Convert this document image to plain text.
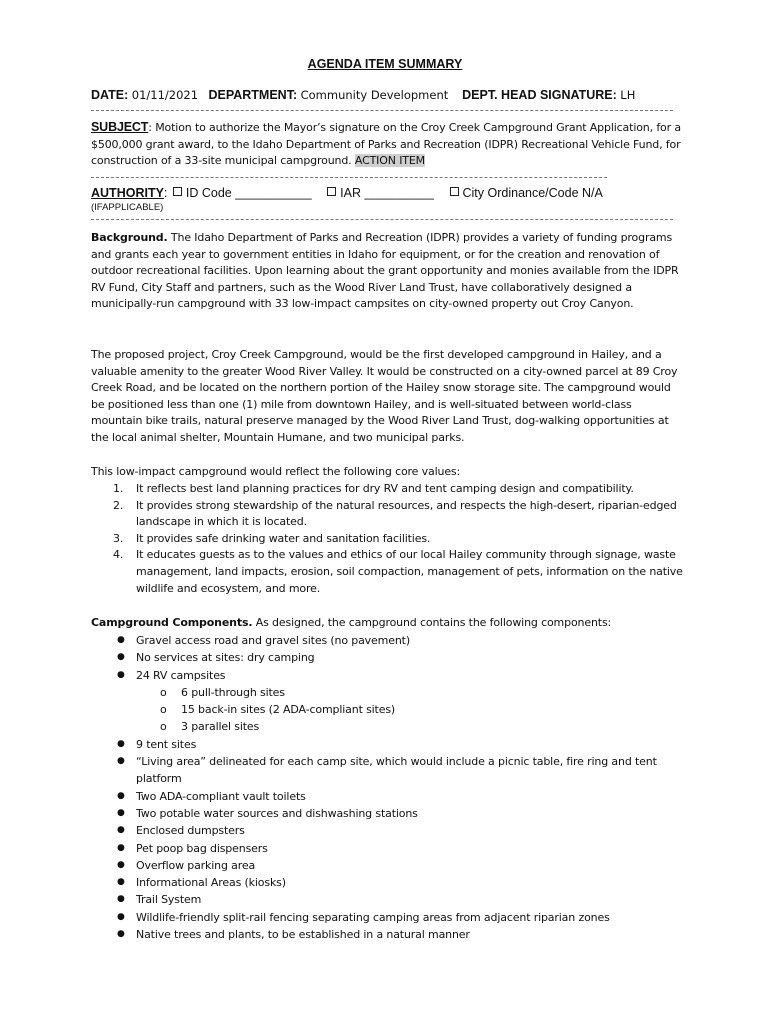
AGENDA ITEM SUMMARY
DATE: 01/11/2021 DEPARTMENT: Community Development DEPT. HEAD SIGNATURE: LH
SUBJECT: Motion to authorize the Mayor’s signature on the Croy Creek Campground Grant Application, for a $500,000 grant award, to the Idaho Department of Parks and Recreation (IDPR) Recreational Vehicle Fund, for construction of a 33-site municipal campground. ACTION ITEM
AUTHORITY: ID Code ___________ IAR __________ City Ordinance/Code N/A
(IFAPPLICABLE)

Background. The Idaho Department of Parks and Recreation (IDPR) provides a variety of funding programs and grants each year to government entities in Idaho for equipment, or for the creation and renovation of outdoor recreational facilities. Upon learning about the grant opportunity and monies available from the IDPR RV Fund, City Staff and partners, such as the Wood River Land Trust, have collaboratively designed a municipally-run campground with 33 low-impact campsites on city-owned property out Croy Canyon.

The proposed project, Croy Creek Campground, would be the first developed campground in Hailey, and a valuable amenity to the greater Wood River Valley. It would be constructed on a city-owned parcel at 89 Croy Creek Road, and be located on the northern portion of the Hailey snow storage site. The campground would be positioned less than one (1) mile from downtown Hailey, and is well-situated between world-class mountain bike trails, natural preserve managed by the Wood River Land Trust, dog-walking opportunities at the local animal shelter, Mountain Humane, and two municipal parks.

This low-impact campground would reflect the following core values:

1. It reflects best land planning practices for dry RV and tent camping design and compatibility.
2. It provides strong stewardship of the natural resources, and respects the high-desert, riparian-edged landscape in which it is located.
3. It provides safe drinking water and sanitation facilities.
4. It educates guests as to the values and ethics of our local Hailey community through signage, waste management, land impacts, erosion, soil compaction, management of pets, information on the native wildlife and ecosystem, and more.

Campground Components. As designed, the campground contains the following components:

● Gravel access road and gravel sites (no pavement)
● No services at sites: dry camping
● 24 RV campsites
o 6 pull-through sites
o 15 back-in sites (2 ADA-compliant sites)
o 3 parallel sites
● 9 tent sites
● “Living area” delineated for each camp site, which would include a picnic table, fire ring and tent platform
● Two ADA-compliant vault toilets
● Two potable water sources and dishwashing stations
● Enclosed dumpsters
● Pet poop bag dispensers
● Overflow parking area
● Informational Areas (kiosks)
● Trail System
● Wildlife-friendly split-rail fencing separating camping areas from adjacent riparian zones
● Native trees and plants, to be established in a natural manner
